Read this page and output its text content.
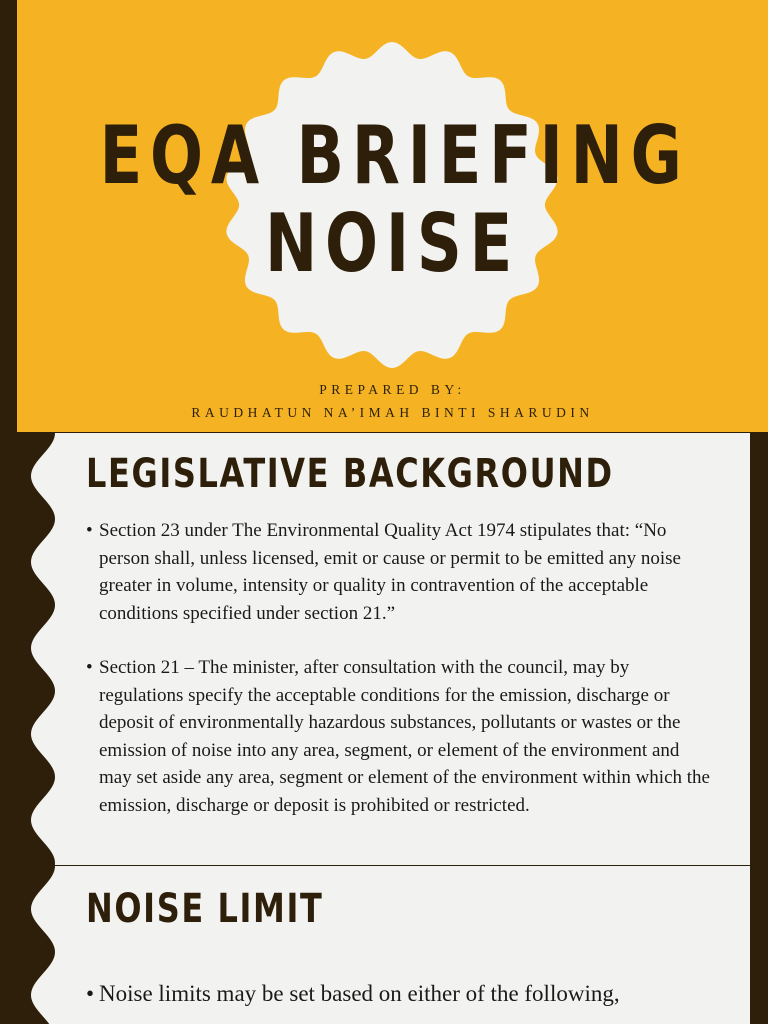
EQA BRIEFING
NOISE
PREPARED BY:
RAUDHATUN NA’IMAH BINTI SHARUDIN
LEGISLATIVE BACKGROUND
• Section 23 under The Environmental Quality Act 1974 stipulates that: “No person shall, unless licensed, emit or cause or permit to be emitted any noise greater in volume, intensity or quality in contravention of the acceptable conditions specified under section 21.”
• Section 21 – The minister, after consultation with the council, may by regulations specify the acceptable conditions for the emission, discharge or deposit of environmentally hazardous substances, pollutants or wastes or the emission of noise into any area, segment, or element of the environment and may set aside any area, segment or element of the environment within which the emission, discharge or deposit is prohibited or restricted.
NOISE LIMIT
• Noise limits may be set based on either of the following,
